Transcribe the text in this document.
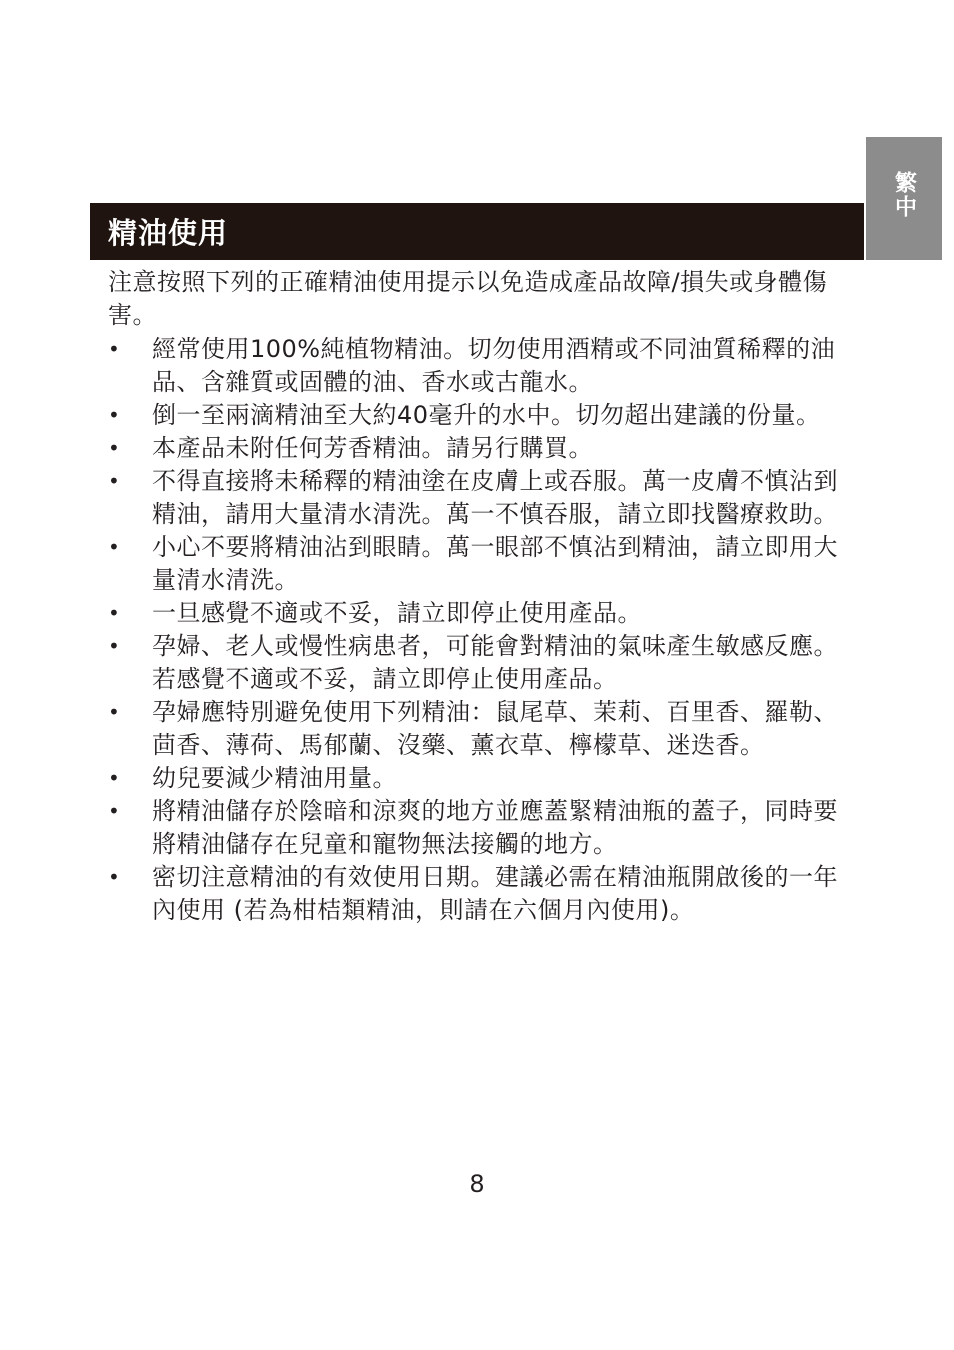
繁中
精油使用

注意按照下列的正確精油使用提示以免造成產品故障/損失或身體傷害。

• 經常使用100%純植物精油。切勿使用酒精或不同油質稀釋的油品、含雜質或固體的油、香水或古龍水。
• 倒一至兩滴精油至大約40毫升的水中。切勿超出建議的份量。
• 本產品未附任何芳香精油。請另行購買。
• 不得直接將未稀釋的精油塗在皮膚上或吞服。萬一皮膚不慎沾到精油，請用大量清水清洗。萬一不慎吞服，請立即找醫療救助。
• 小心不要將精油沾到眼睛。萬一眼部不慎沾到精油，請立即用大量清水清洗。
• 一旦感覺不適或不妥，請立即停止使用產品。
• 孕婦、老人或慢性病患者，可能會對精油的氣味產生敏感反應。若感覺不適或不妥，請立即停止使用產品。
• 孕婦應特別避免使用下列精油：鼠尾草、茉莉、百里香、羅勒、茴香、薄荷、馬郁蘭、沒藥、薰衣草、檸檬草、迷迭香。
• 幼兒要減少精油用量。
• 將精油儲存於陰暗和涼爽的地方並應蓋緊精油瓶的蓋子，同時要將精油儲存在兒童和寵物無法接觸的地方。
• 密切注意精油的有效使用日期。建議必需在精油瓶開啟後的一年內使用 (若為柑桔類精油，則請在六個月內使用)。
8
